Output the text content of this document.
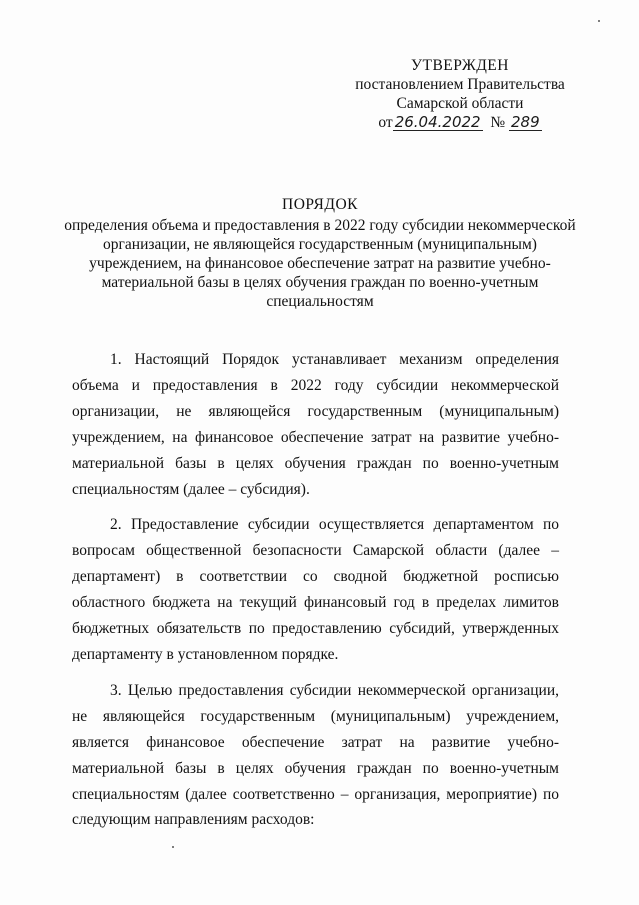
УТВЕРЖДЕН
постановлением Правительства
Самарской области
от 26.04.2022 № 289
ПОРЯДОК
определения объема и предоставления в 2022 году субсидии некоммерческой организации, не являющейся государственным (муниципальным) учреждением, на финансовое обеспечение затрат на развитие учебно-материальной базы в целях обучения граждан по военно-учетным специальностям

1. Настоящий Порядок устанавливает механизм определения объема и предоставления в 2022 году субсидии некоммерческой организации, не являющейся государственным (муниципальным) учреждением, на финансовое обеспечение затрат на развитие учебно-материальной базы в целях обучения граждан по военно-учетным специальностям (далее – субсидия).

2. Предоставление субсидии осуществляется департаментом по вопросам общественной безопасности Самарской области (далее – департамент) в соответствии со сводной бюджетной росписью областного бюджета на текущий финансовый год в пределах лимитов бюджетных обязательств по предоставлению субсидий, утвержденных департаменту в установленном порядке.

3. Целью предоставления субсидии некоммерческой организации, не являющейся государственным (муниципальным) учреждением, является финансовое обеспечение затрат на развитие учебно-материальной базы в целях обучения граждан по военно-учетным специальностям (далее соответственно – организация, мероприятие) по следующим направлениям расходов:
